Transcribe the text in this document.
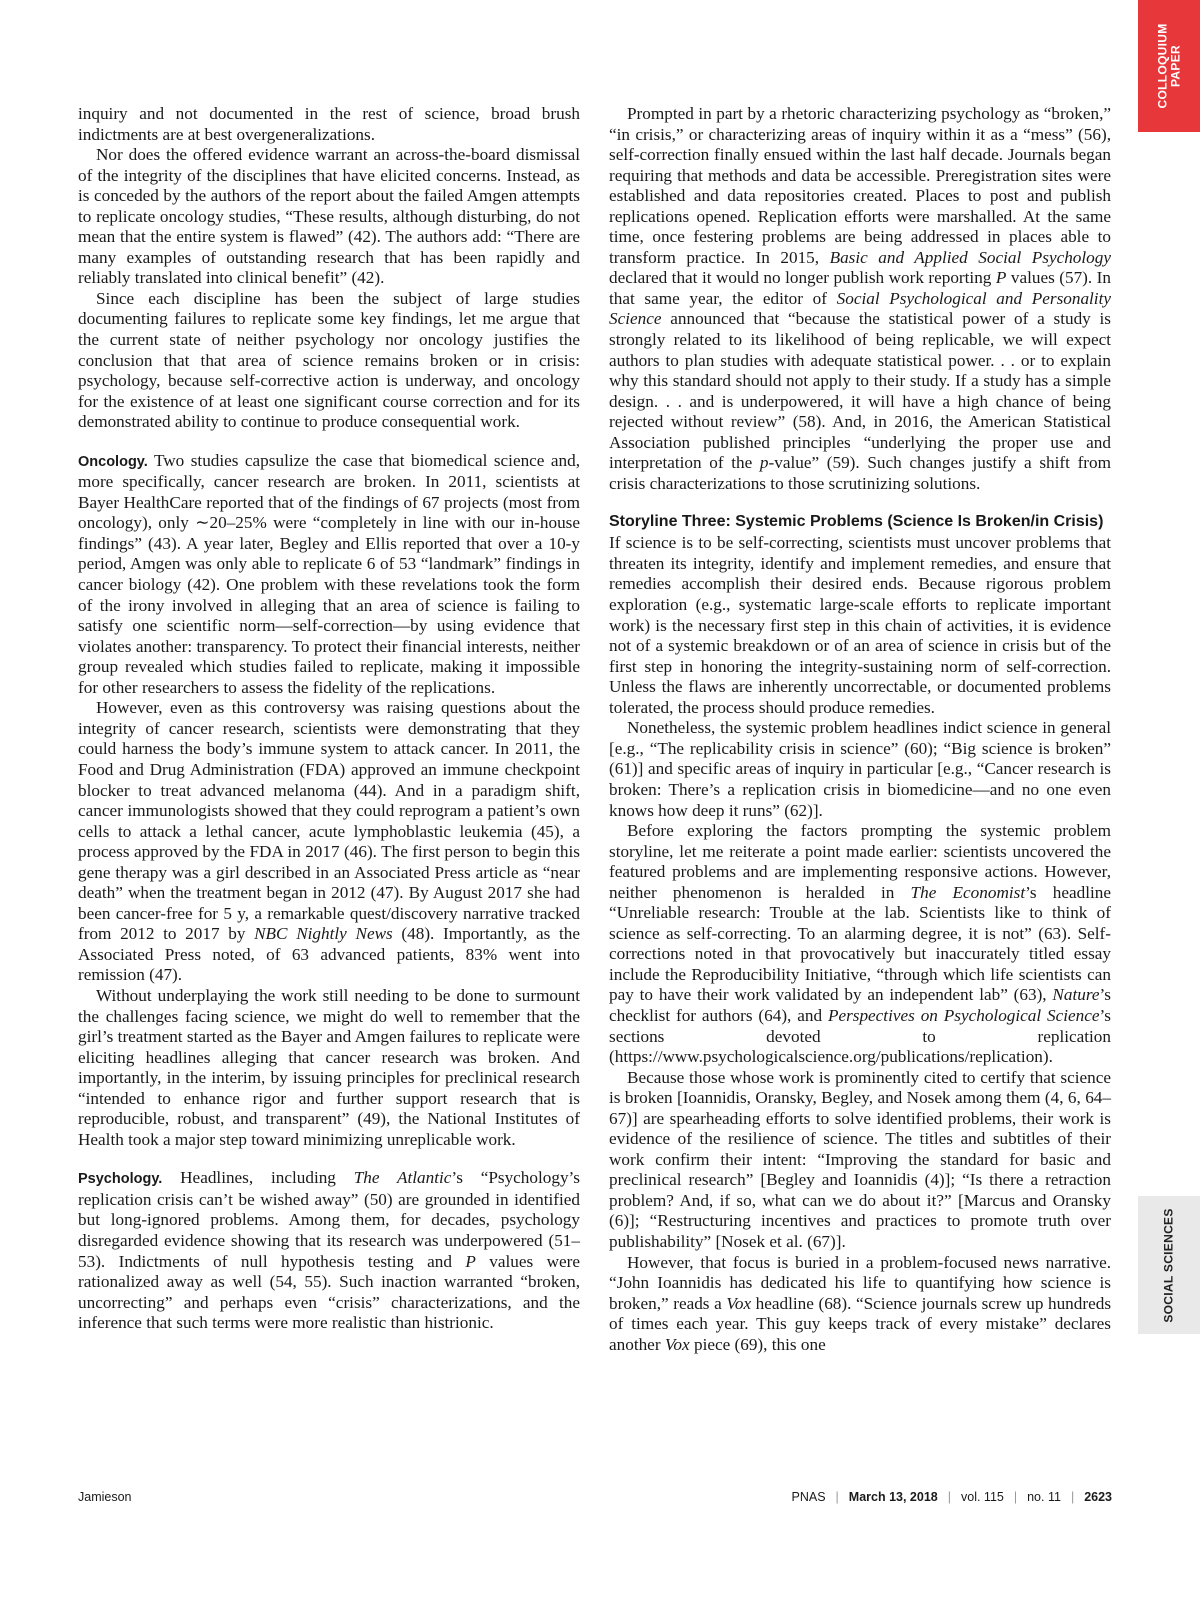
COLLOQUIUM
PAPER
SOCIAL SCIENCES

inquiry and not documented in the rest of science, broad brush indictments are at best overgeneralizations.

Nor does the offered evidence warrant an across-the-board dismissal of the integrity of the disciplines that have elicited concerns. Instead, as is conceded by the authors of the report about the failed Amgen attempts to replicate oncology studies, “These results, although disturbing, do not mean that the entire system is flawed” (42). The authors add: “There are many examples of outstanding research that has been rapidly and reliably translated into clinical benefit” (42).

Since each discipline has been the subject of large studies documenting failures to replicate some key findings, let me argue that the current state of neither psychology nor oncology justifies the conclusion that that area of science remains broken or in crisis: psychology, because self-corrective action is underway, and oncology for the existence of at least one significant course correction and for its demonstrated ability to continue to produce consequential work.

Oncology. Two studies capsulize the case that biomedical science and, more specifically, cancer research are broken. In 2011, scientists at Bayer HealthCare reported that of the findings of 67 projects (most from oncology), only ∼20–25% were “completely in line with our in-house findings” (43). A year later, Begley and Ellis reported that over a 10-y period, Amgen was only able to replicate 6 of 53 “landmark” findings in cancer biology (42). One problem with these revelations took the form of the irony involved in alleging that an area of science is failing to satisfy one scientific norm—self-correction—by using evidence that violates another: transparency. To protect their financial interests, neither group revealed which studies failed to replicate, making it impossible for other researchers to assess the fidelity of the replications.

However, even as this controversy was raising questions about the integrity of cancer research, scientists were demonstrating that they could harness the body’s immune system to attack cancer. In 2011, the Food and Drug Administration (FDA) approved an immune checkpoint blocker to treat advanced melanoma (44). And in a paradigm shift, cancer immunologists showed that they could reprogram a patient’s own cells to attack a lethal cancer, acute lymphoblastic leukemia (45), a process approved by the FDA in 2017 (46). The first person to begin this gene therapy was a girl described in an Associated Press article as “near death” when the treatment began in 2012 (47). By August 2017 she had been cancer-free for 5 y, a remarkable quest/discovery narrative tracked from 2012 to 2017 by NBC Nightly News (48). Importantly, as the Associated Press noted, of 63 advanced patients, 83% went into remission (47).

Without underplaying the work still needing to be done to surmount the challenges facing science, we might do well to remember that the girl’s treatment started as the Bayer and Amgen failures to replicate were eliciting headlines alleging that cancer research was broken. And importantly, in the interim, by issuing principles for preclinical research “intended to enhance rigor and further support research that is reproducible, robust, and transparent” (49), the National Institutes of Health took a major step toward minimizing unreplicable work.

Psychology. Headlines, including The Atlantic’s “Psychology’s replication crisis can’t be wished away” (50) are grounded in identified but long-ignored problems. Among them, for decades, psychology disregarded evidence showing that its research was underpowered (51–53). Indictments of null hypothesis testing and P values were rationalized away as well (54, 55). Such inaction warranted “broken, uncorrecting” and perhaps even “crisis” characterizations, and the inference that such terms were more realistic than histrionic.

Prompted in part by a rhetoric characterizing psychology as “broken,” “in crisis,” or characterizing areas of inquiry within it as a “mess” (56), self-correction finally ensued within the last half decade. Journals began requiring that methods and data be accessible. Preregistration sites were established and data repositories created. Places to post and publish replications opened. Replication efforts were marshalled. At the same time, once festering problems are being addressed in places able to transform practice. In 2015, Basic and Applied Social Psychology declared that it would no longer publish work reporting P values (57). In that same year, the editor of Social Psychological and Personality Science announced that “because the statistical power of a study is strongly related to its likelihood of being replicable, we will expect authors to plan studies with adequate statistical power. . . or to explain why this standard should not apply to their study. If a study has a simple design. . . and is underpowered, it will have a high chance of being rejected without review” (58). And, in 2016, the American Statistical Association published principles “underlying the proper use and interpretation of the p-value” (59). Such changes justify a shift from crisis characterizations to those scrutinizing solutions.

Storyline Three: Systemic Problems (Science Is Broken/in Crisis)

If science is to be self-correcting, scientists must uncover problems that threaten its integrity, identify and implement remedies, and ensure that remedies accomplish their desired ends. Because rigorous problem exploration (e.g., systematic large-scale efforts to replicate important work) is the necessary first step in this chain of activities, it is evidence not of a systemic breakdown or of an area of science in crisis but of the first step in honoring the integrity-sustaining norm of self-correction. Unless the flaws are inherently uncorrectable, or documented problems tolerated, the process should produce remedies.

Nonetheless, the systemic problem headlines indict science in general [e.g., “The replicability crisis in science” (60); “Big science is broken” (61)] and specific areas of inquiry in particular [e.g., “Cancer research is broken: There’s a replication crisis in biomedicine—and no one even knows how deep it runs” (62)].

Before exploring the factors prompting the systemic problem storyline, let me reiterate a point made earlier: scientists uncovered the featured problems and are implementing responsive actions. However, neither phenomenon is heralded in The Economist’s headline “Unreliable research: Trouble at the lab. Scientists like to think of science as self-correcting. To an alarming degree, it is not” (63). Self-corrections noted in that provocatively but inaccurately titled essay include the Reproducibility Initiative, “through which life scientists can pay to have their work validated by an independent lab” (63), Nature’s checklist for authors (64), and Perspectives on Psychological Science’s sections devoted to replication (https://www.psychologicalscience.org/publications/replication).

Because those whose work is prominently cited to certify that science is broken [Ioannidis, Oransky, Begley, and Nosek among them (4, 6, 64–67)] are spearheading efforts to solve identified problems, their work is evidence of the resilience of science. The titles and subtitles of their work confirm their intent: “Improving the standard for basic and preclinical research” [Begley and Ioannidis (4)]; “Is there a retraction problem? And, if so, what can we do about it?” [Marcus and Oransky (6)]; “Restructuring incentives and practices to promote truth over publishability” [Nosek et al. (67)].

However, that focus is buried in a problem-focused news narrative. “John Ioannidis has dedicated his life to quantifying how science is broken,” reads a Vox headline (68). “Science journals screw up hundreds of times each year. This guy keeps track of every mistake” declares another Vox piece (69), this one

Jamieson	PNAS | March 13, 2018 | vol. 115 | no. 11 | 2623
